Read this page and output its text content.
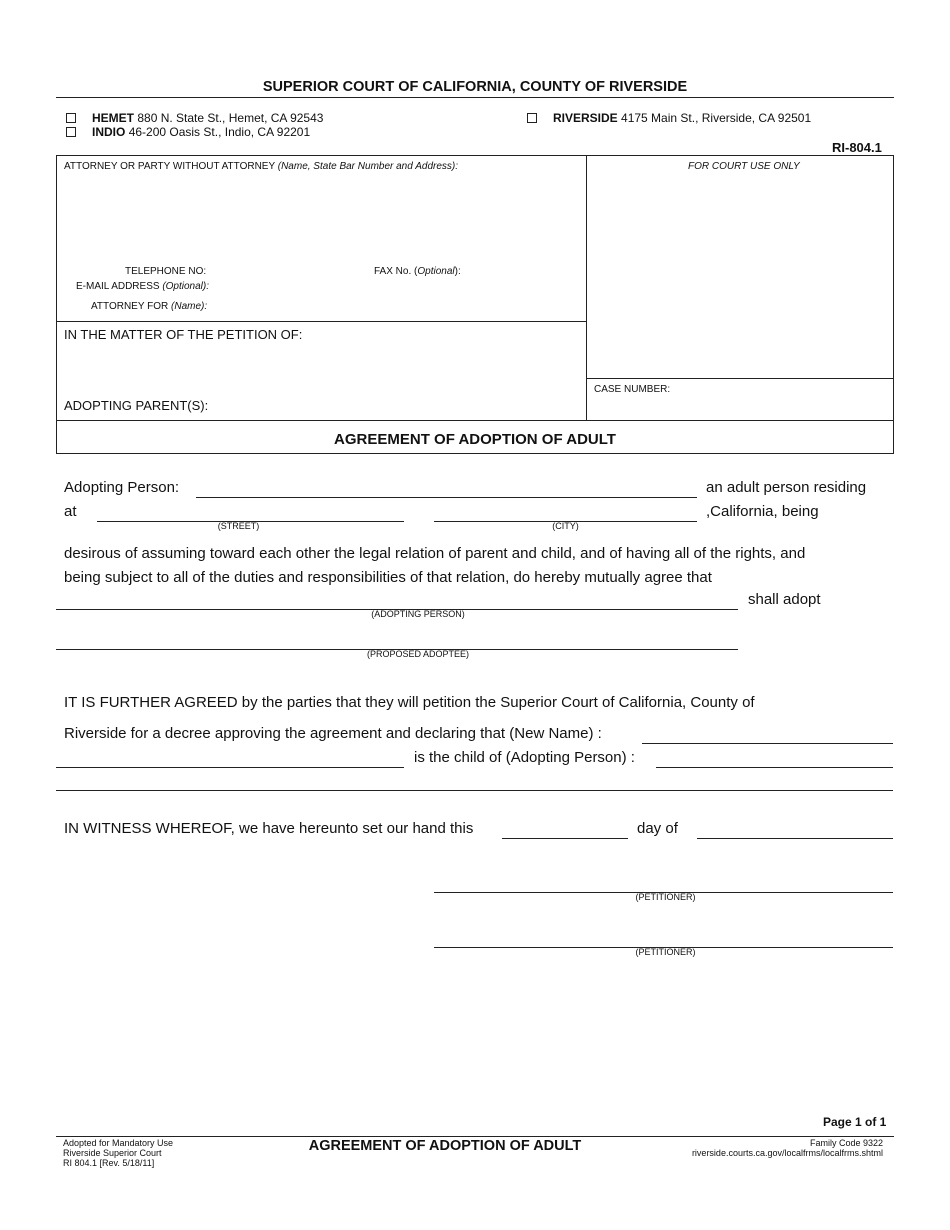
SUPERIOR COURT OF CALIFORNIA, COUNTY OF RIVERSIDE
HEMET 880 N. State St., Hemet, CA 92543
INDIO 46-200 Oasis St., Indio, CA 92201
RIVERSIDE 4175 Main St., Riverside, CA 92501
RI-804.1
ATTORNEY OR PARTY WITHOUT ATTORNEY (Name, State Bar Number and Address):	FOR COURT USE ONLY
TELEPHONE NO:	FAX No. (Optional):
E-MAIL ADDRESS (Optional):
ATTORNEY FOR (Name):
IN THE MATTER OF THE PETITION OF:
ADOPTING PARENT(S):
CASE NUMBER:
AGREEMENT OF ADOPTION OF ADULT
Adopting Person:	an adult person residing
at
(STREET)	(CITY)
,California, being
desirous of assuming toward each other the legal relation of parent and child, and of having all of the rights, and
being subject to all of the duties and responsibilities of that relation, do hereby mutually agree that
shall adopt
(ADOPTING PERSON)
(PROPOSED ADOPTEE)
IT IS FURTHER AGREED by the parties that they will petition the Superior Court of California, County of
Riverside for a decree approving the agreement and declaring that (New Name) :
is the child of (Adopting Person) :
IN WITNESS WHEREOF, we have hereunto set our hand this	day of
(PETITIONER)
(PETITIONER)
Page 1 of 1
Adopted for Mandatory Use
Riverside Superior Court
RI 804.1 [Rev. 5/18/11]
AGREEMENT OF ADOPTION OF ADULT	Family Code 9322
riverside.courts.ca.gov/localfrms/localfrms.shtml
